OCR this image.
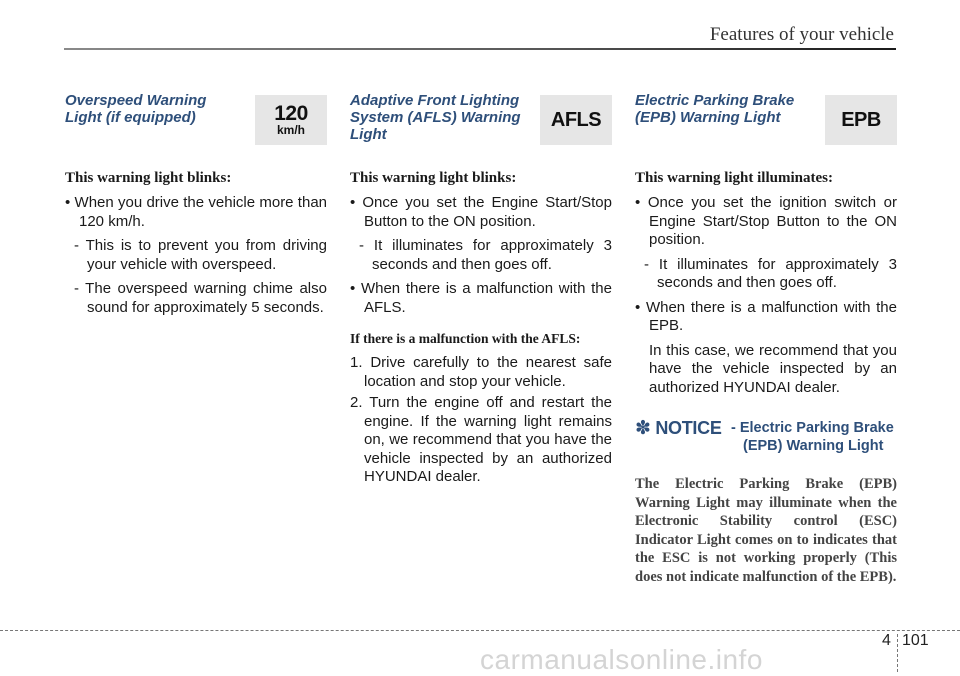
Features of your vehicle
Overspeed Warning Light (if equipped)	120
km/h
This warning light blinks:

• When you drive the vehicle more than 120 km/h.

- This is to prevent you from driving your vehicle with overspeed.

- The overspeed warning chime also sound for approximately 5 seconds.

Adaptive Front Lighting System (AFLS) Warning Light
AFLS
This warning light blinks:

• Once you set the Engine Start/Stop Button to the ON position.

- It illuminates for approximately 3 seconds and then goes off.

• When there is a malfunction with the AFLS.

If there is a malfunction with the AFLS:

1. Drive carefully to the nearest safe location and stop your vehicle.

2. Turn the engine off and restart the engine. If the warning light remains on, we recommend that you have the vehicle inspected by an authorized HYUNDAI dealer.

Electric Parking Brake (EPB) Warning Light	EPB
This warning light illuminates:

• Once you set the ignition switch or Engine Start/Stop Button to the ON position.

- It illuminates for approximately 3 seconds and then goes off.

• When there is a malfunction with the EPB.

In this case, we recommend that you have the vehicle inspected by an authorized HYUNDAI dealer.

✽ NOTICE - Electric Parking Brake (EPB) Warning Light

The Electric Parking Brake (EPB) Warning Light may illuminate when the Electronic Stability control (ESC) Indicator Light comes on to indicates that the ESC is not working properly (This does not indicate malfunction of the EPB).

4 101
carmanualsonline.info
